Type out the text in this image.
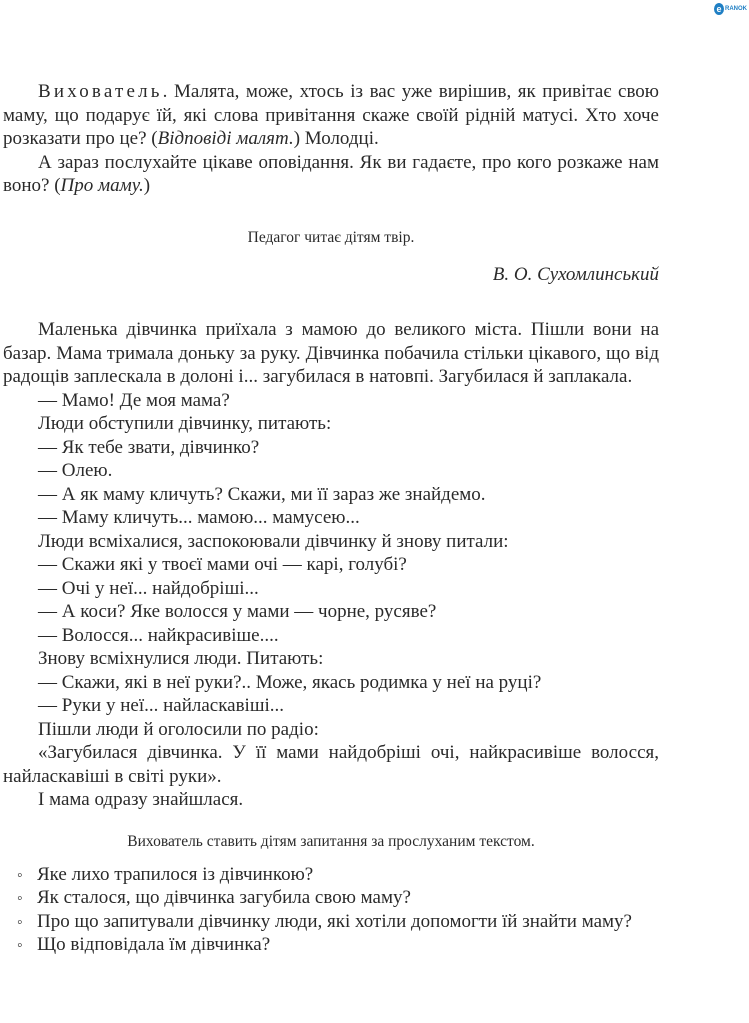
e RANOK

Вихователь. Малята, може, хтось із вас уже вирішив, як привітає свою маму, що подарує їй, які слова привітання скаже своїй рідній матусі. Хто хоче розказати про це? (Відповіді малят.) Молодці.

А зараз послухайте цікаве оповідання. Як ви гадаєте, про кого розкаже нам воно? (Про маму.)

Педагог читає дітям твір.

В. О. Сухомлинський

Маленька дівчинка приїхала з мамою до великого міста. Пішли вони на базар. Мама тримала доньку за руку. Дівчинка побачила стільки цікавого, що від радощів заплескала в долоні і... загубилася в натовпі. Загубилася й заплакала.

— Мамо! Де моя мама?

Люди обступили дівчинку, питають:

— Як тебе звати, дівчинко?

— Олею.

— А як маму кличуть? Скажи, ми її зараз же знайдемо.

— Маму кличуть... мамою... мамусею...

Люди всміхалися, заспокоювали дівчинку й знову питали:

— Скажи які у твоєї мами очі — карі, голубі?

— Очі у неї... найдобріші...

— А коси? Яке волосся у мами — чорне, русяве?

— Волосся... найкрасивіше....

Знову всміхнулися люди. Питають:

— Скажи, які в неї руки?.. Може, якась родимка у неї на руці?

— Руки у неї... найласкавіші...

Пішли люди й оголосили по радіо:

«Загубилася дівчинка. У її мами найдобріші очі, найкрасивіше волосся, найласкавіші в світі руки».

І мама одразу знайшлася.

Вихователь ставить дітям запитання за прослуханим текстом.

◦ Яке лихо трапилося із дівчинкою?

◦ Як сталося, що дівчинка загубила свою маму?

◦ Про що запитували дівчинку люди, які хотіли допомогти їй знайти маму?

◦ Що відповідала їм дівчинка?
